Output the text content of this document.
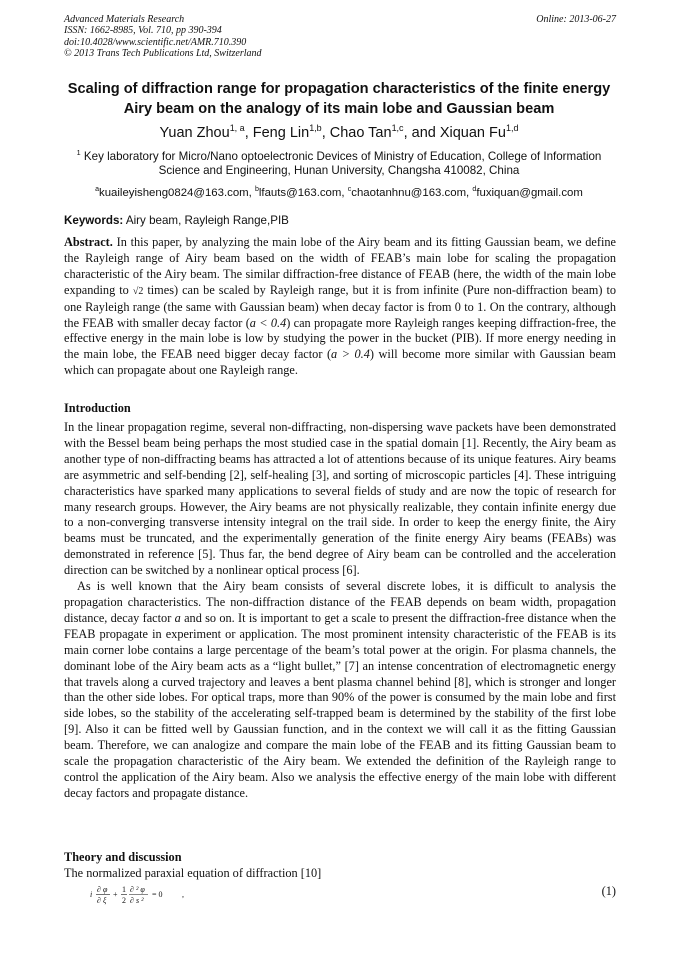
Advanced Materials Research
ISSN: 1662-8985, Vol. 710, pp 390-394
doi:10.4028/www.scientific.net/AMR.710.390
© 2013 Trans Tech Publications Ltd, Switzerland
Online: 2013-06-27
Scaling of diffraction range for propagation characteristics of the finite energy Airy beam on the analogy of its main lobe and Gaussian beam
Yuan Zhou$^{1, a}$, Feng Lin$^{1,b}$, Chao Tan$^{1,c}$, and Xiquan Fu$^{1,d}$
$^1$ Key laboratory for Micro/Nano optoelectronic Devices of Ministry of Education, College of Information Science and Engineering, Hunan University, Changsha 410082, China
$^a$kuaileyisheng0824@163.com, $^b$lfauts@163.com, $^c$chaotanhnu@163.com, $^d$fuxiquan@gmail.com
Keywords: Airy beam, Rayleigh Range,PIB

Abstract. In this paper, by analyzing the main lobe of the Airy beam and its fitting Gaussian beam, we define the Rayleigh range of Airy beam based on the width of FEAB’s main lobe for scaling the propagation characteristic of the Airy beam. The similar diffraction-free distance of FEAB (here, the width of the main lobe expanding to √2 times) can be scaled by Rayleigh range, but it is from infinite (Pure non-diffraction beam) to one Rayleigh range (the same with Gaussian beam) when decay factor is from 0 to 1. On the contrary, although the FEAB with smaller decay factor (a < 0.4) can propagate more Rayleigh ranges keeping diffraction-free, the effective energy in the main lobe is low by studying the power in the bucket (PIB). If more energy needing in the main lobe, the FEAB need bigger decay factor (a > 0.4) will become more similar with Gaussian beam which can propagate about one Rayleigh range.

Introduction

In the linear propagation regime, several non-diffracting, non-dispersing wave packets have been demonstrated with the Bessel beam being perhaps the most studied case in the spatial domain [1]. Recently, the Airy beam as another type of non-diffracting beams has attracted a lot of attentions because of its unique features. Airy beams are asymmetric and self-bending [2], self-healing [3], and sorting of microscopic particles [4]. These intriguing characteristics have sparked many applications to several fields of study and are now the topic of research for many research groups. However, the Airy beams are not physically realizable, they contain infinite energy due to a non-converging transverse intensity integral on the trail side. In order to keep the energy finite, the Airy beams must be truncated, and the experimentally generation of the finite energy Airy beams (FEABs) was demonstrated in reference [5]. Thus far, the bend degree of Airy beam can be controlled and the acceleration direction can be switched by a nonlinear optical process [6].

As is well known that the Airy beam consists of several discrete lobes, it is difficult to analysis the propagation characteristics. The non-diffraction distance of the FEAB depends on beam width, propagation distance, decay factor a and so on. It is important to get a scale to present the diffraction-free distance when the FEAB propagate in experiment or application. The most prominent intensity characteristic of the FEAB is its main corner lobe contains a large percentage of the beam’s total power at the origin. For plasma channels, the dominant lobe of the Airy beam acts as a “light bullet,” [7] an intense concentration of electromagnetic energy that travels along a curved trajectory and leaves a bent plasma channel behind [8], which is stronger and longer than the other side lobes. For optical traps, more than 90% of the power is consumed by the main lobe and first side lobes, so the stability of the accelerating self-trapped beam is determined by the stability of the first lobe [9]. Also it can be fitted well by Gaussian function, and in the context we will call it as the fitting Gaussian beam. Therefore, we can analogize and compare the main lobe of the FEAB and its fitting Gaussian beam to scale the propagation characteristic of the Airy beam. We extended the definition of the Rayleigh range to control the application of the Airy beam. Also we analysis the effective energy of the main lobe with different decay factors and propagate distance.

Theory and discussion
The normalized paraxial equation of diffraction [10]
i
∂ φ
∂ ξ
+
1
2
∂ ² φ
∂ s ²
= 0 ,	(1)
